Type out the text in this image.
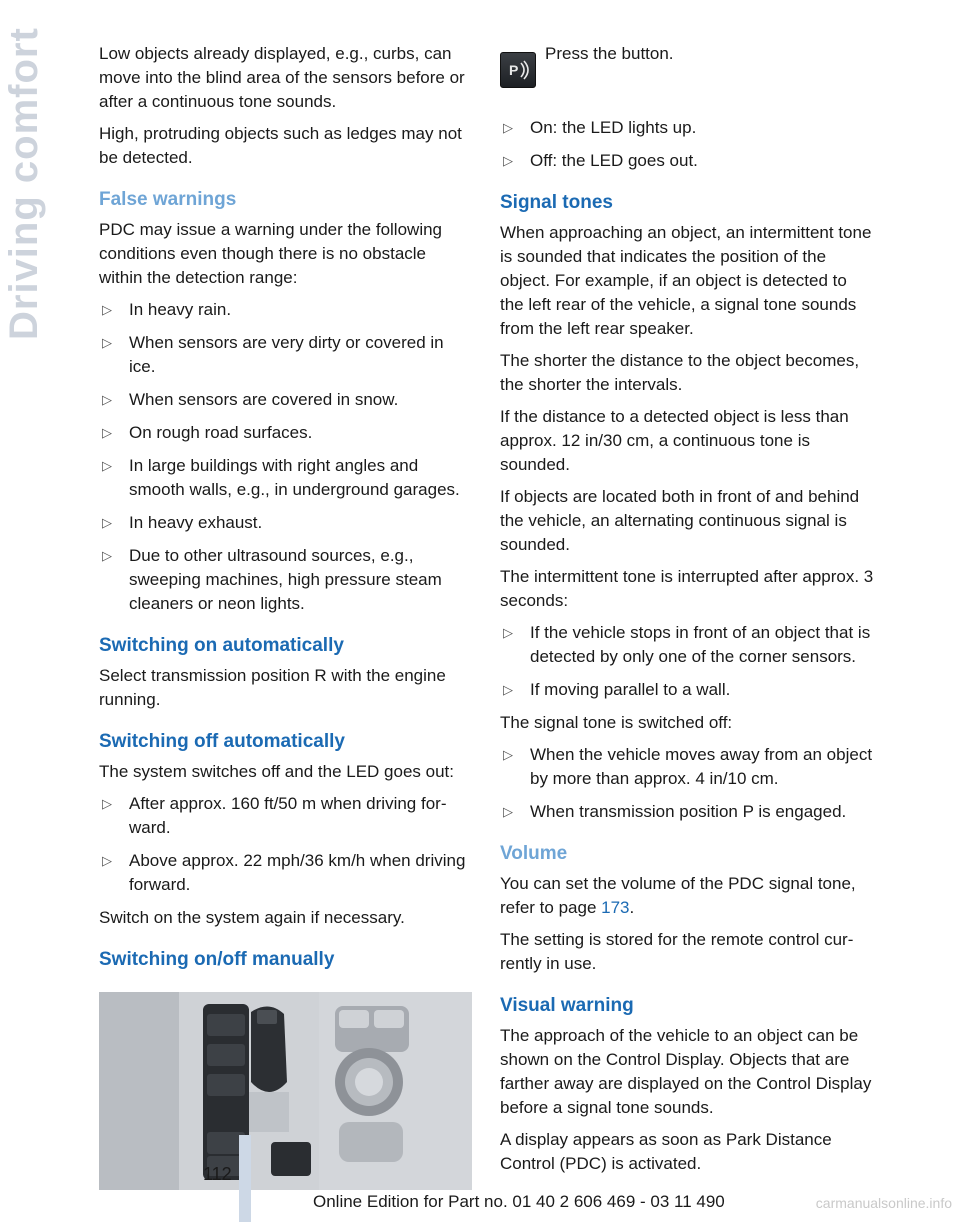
Driving comfort	Low objects already displayed, e.g., curbs, can move into the blind area of the sensors before or after a continuous tone sounds.

High, protruding objects such as ledges may not be detected.

False warnings

PDC may issue a warning under the following conditions even though there is no obstacle within the detection range:

▷ In heavy rain.
▷ When sensors are very dirty or covered in ice.
▷ When sensors are covered in snow.
▷ On rough road surfaces.
▷ In large buildings with right angles and smooth walls, e.g., in underground garages.
▷ In heavy exhaust.
▷ Due to other ultrasound sources, e.g., sweeping machines, high pressure steam cleaners or neon lights.
Switching on automatically

Select transmission position R with the engine running.

Switching off automatically

The system switches off and the LED goes out:

▷ After approx. 160 ft/50 m when driving forward.
▷ Above approx. 22 mph/36 km/h when driving forward.

Switch on the system again if necessary.

Switching on/off manually
P

Press the button.

▷ On: the LED lights up.
▷ Off: the LED goes out.
Signal tones

When approaching an object, an intermittent tone is sounded that indicates the position of the object. For example, if an object is detected to the left rear of the vehicle, a signal tone sounds from the left rear speaker.

The shorter the distance to the object becomes, the shorter the intervals.

If the distance to a detected object is less than approx. 12 in/30 cm, a continuous tone is sounded.

If objects are located both in front of and behind the vehicle, an alternating continuous signal is sounded.

The intermittent tone is interrupted after approx. 3 seconds:

▷ If the vehicle stops in front of an object that is detected by only one of the corner sensors.
▷ If moving parallel to a wall.

The signal tone is switched off:

▷ When the vehicle moves away from an object by more than approx. 4 in/10 cm.
▷ When transmission position P is engaged.
Volume

You can set the volume of the PDC signal tone, refer to page 173.

The setting is stored for the remote control currently in use.

Visual warning

The approach of the vehicle to an object can be shown on the Control Display. Objects that are farther away are displayed on the Control Display before a signal tone sounds.

A display appears as soon as Park Distance Control (PDC) is activated.

112
Online Edition for Part no. 01 40 2 606 469 - 03 11 490	carmanualsonline.info
